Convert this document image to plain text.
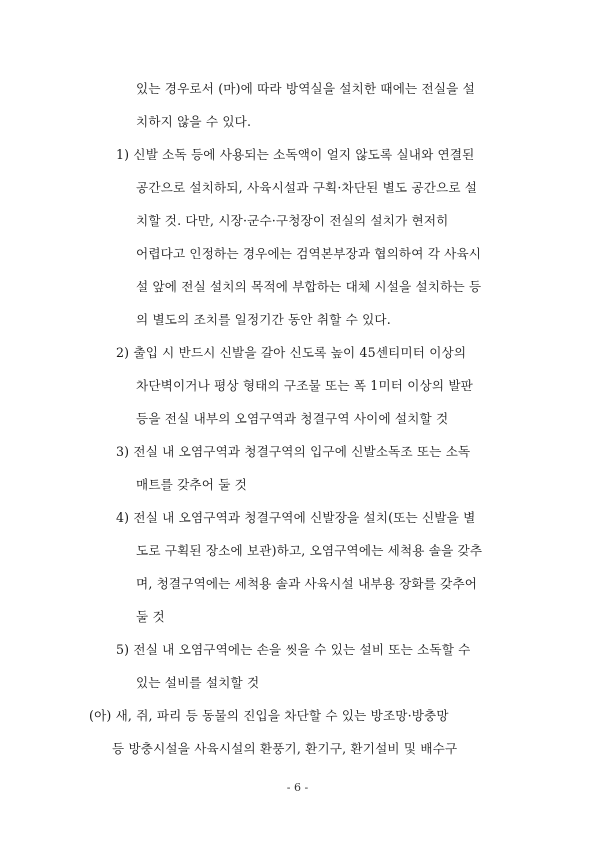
있는 경우로서 (마)에 따라 방역실을 설치한 때에는 전실을 설
치하지 않을 수 있다.
1) 신발 소독 등에 사용되는 소독액이 얼지 않도록 실내와 연결된
공간으로 설치하되, 사육시설과 구획·차단된 별도 공간으로 설
치할 것. 다만, 시장·군수·구청장이 전실의 설치가 현저히
어렵다고 인정하는 경우에는 검역본부장과 협의하여 각 사육시
설 앞에 전실 설치의 목적에 부합하는 대체 시설을 설치하는 등
의 별도의 조치를 일정기간 동안 취할 수 있다.
2) 출입 시 반드시 신발을 갈아 신도록 높이 45센티미터 이상의
차단벽이거나 평상 형태의 구조물 또는 폭 1미터 이상의 발판
등을 전실 내부의 오염구역과 청결구역 사이에 설치할 것
3) 전실 내 오염구역과 청결구역의 입구에 신발소독조 또는 소독
매트를 갖추어 둘 것
4) 전실 내 오염구역과 청결구역에 신발장을 설치(또는 신발을 별
도로 구획된 장소에 보관)하고, 오염구역에는 세척용 솔을 갖추
며, 청결구역에는 세척용 솔과 사육시설 내부용 장화를 갖추어
둘 것
5) 전실 내 오염구역에는 손을 씻을 수 있는 설비 또는 소독할 수
있는 설비를 설치할 것
(아) 새, 쥐, 파리 등 동물의 진입을 차단할 수 있는 방조망·방충망
등 방충시설을 사육시설의 환풍기, 환기구, 환기설비 및 배수구
- 6 -
